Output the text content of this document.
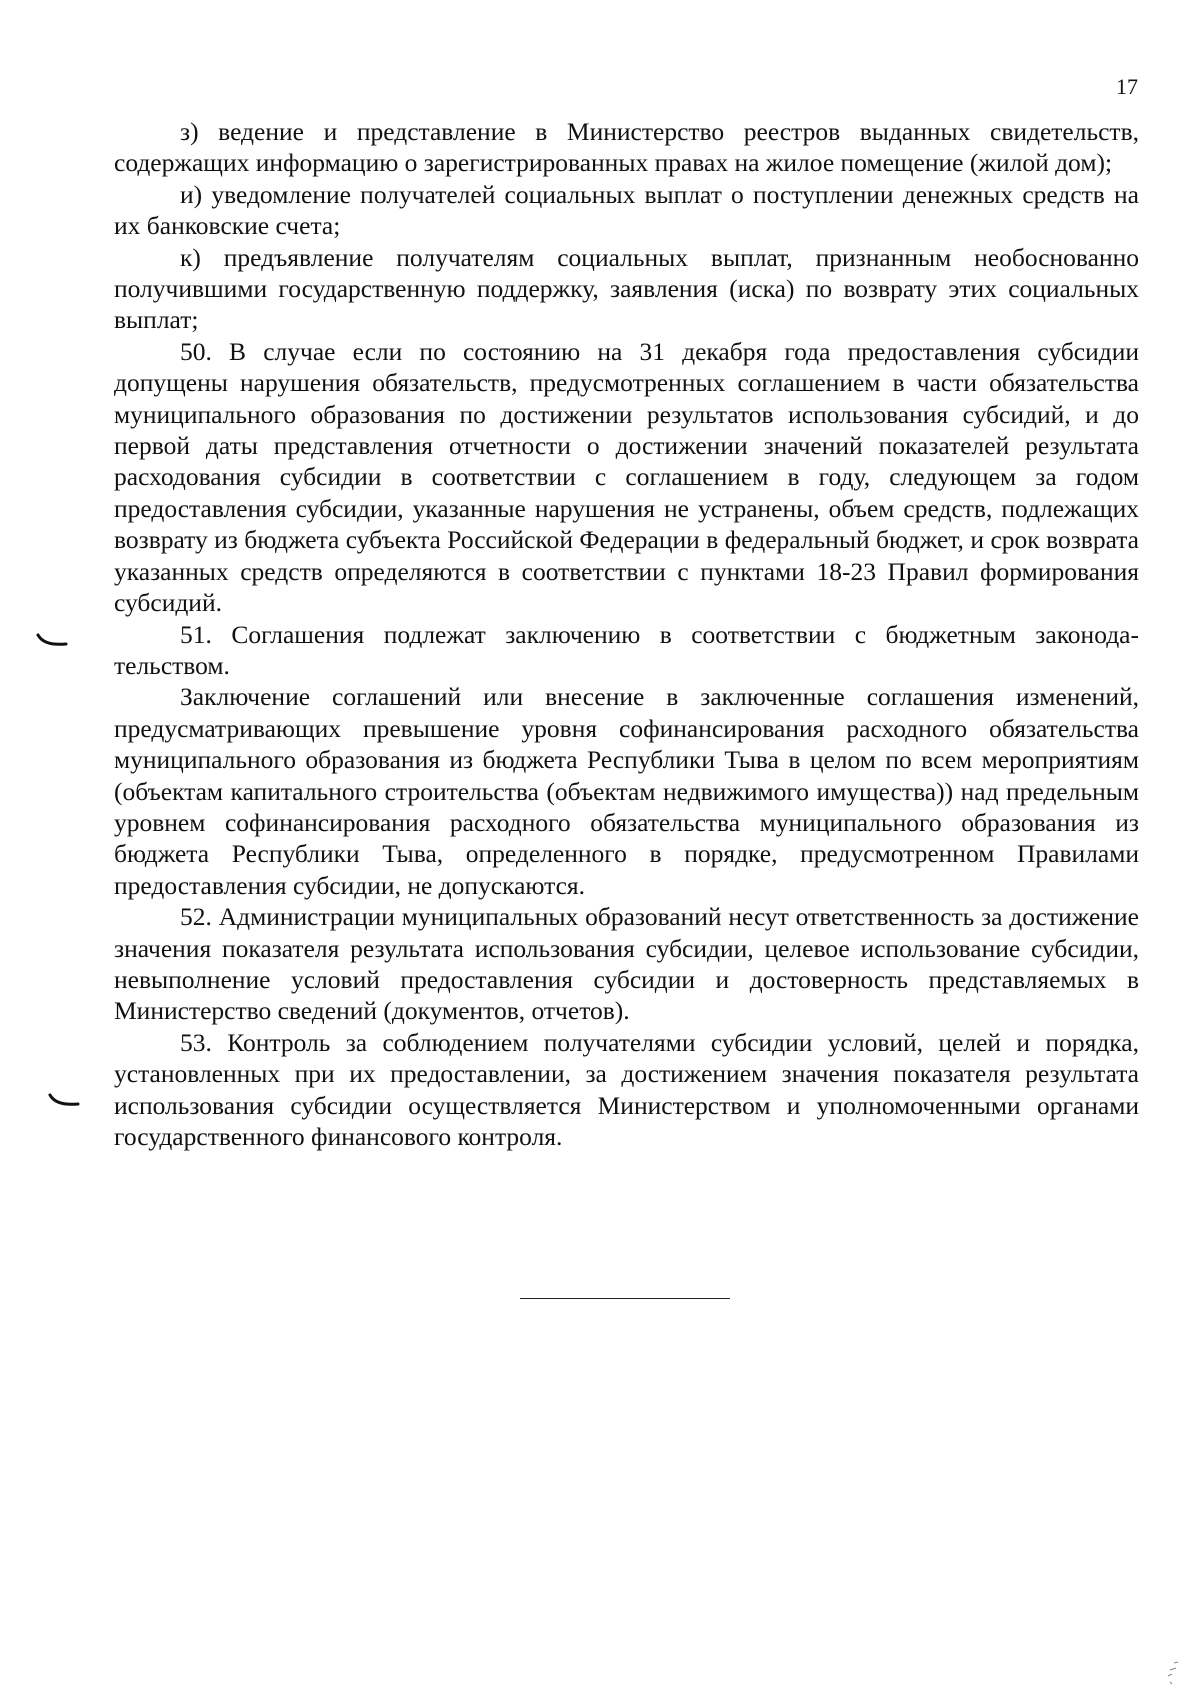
17

з) ведение и представление в Министерство реестров выданных свидетельств, содержащих информацию о зарегистрированных правах на жилое помещение (жилой дом);

и) уведомление получателей социальных выплат о поступлении денежных средств на их банковские счета;

к) предъявление получателям социальных выплат, признанным необоснованно получившими государственную поддержку, заявления (иска) по возврату этих социальных выплат;

50. В случае если по состоянию на 31 декабря года предоставления субсидии допущены нарушения обязательств, предусмотренных соглашением в части обязательства муниципального образования по достижении результатов использования субсидий, и до первой даты представления отчетности о достижении значений показателей результата расходования субсидии в соответствии с соглашением в году, следующем за годом предоставления субсидии, указанные нарушения не устранены, объем средств, подлежащих возврату из бюджета субъекта Российской Федерации в федеральный бюджет, и срок возврата указанных средств определяются в соответствии с пунктами 18-23 Правил формирования субсидий.

51. Соглашения подлежат заключению в соответствии с бюджетным законодательством.

Заключение соглашений или внесение в заключенные соглашения изменений, предусматривающих превышение уровня софинансирования расходного обязательства муниципального образования из бюджета Республики Тыва в целом по всем мероприятиям (объектам капитального строительства (объектам недвижимого имущества)) над предельным уровнем софинансирования расходного обязательства муниципального образования из бюджета Республики Тыва, определенного в порядке, предусмотренном Правилами предоставления субсидии, не допускаются.

52. Администрации муниципальных образований несут ответственность за достижение значения показателя результата использования субсидии, целевое использование субсидии, невыполнение условий предоставления субсидии и достоверность представляемых в Министерство сведений (документов, отчетов).

53. Контроль за соблюдением получателями субсидии условий, целей и порядка, установленных при их предоставлении, за достижением значения показателя результата использования субсидии осуществляется Министерством и уполномоченными органами государственного финансового контроля.
